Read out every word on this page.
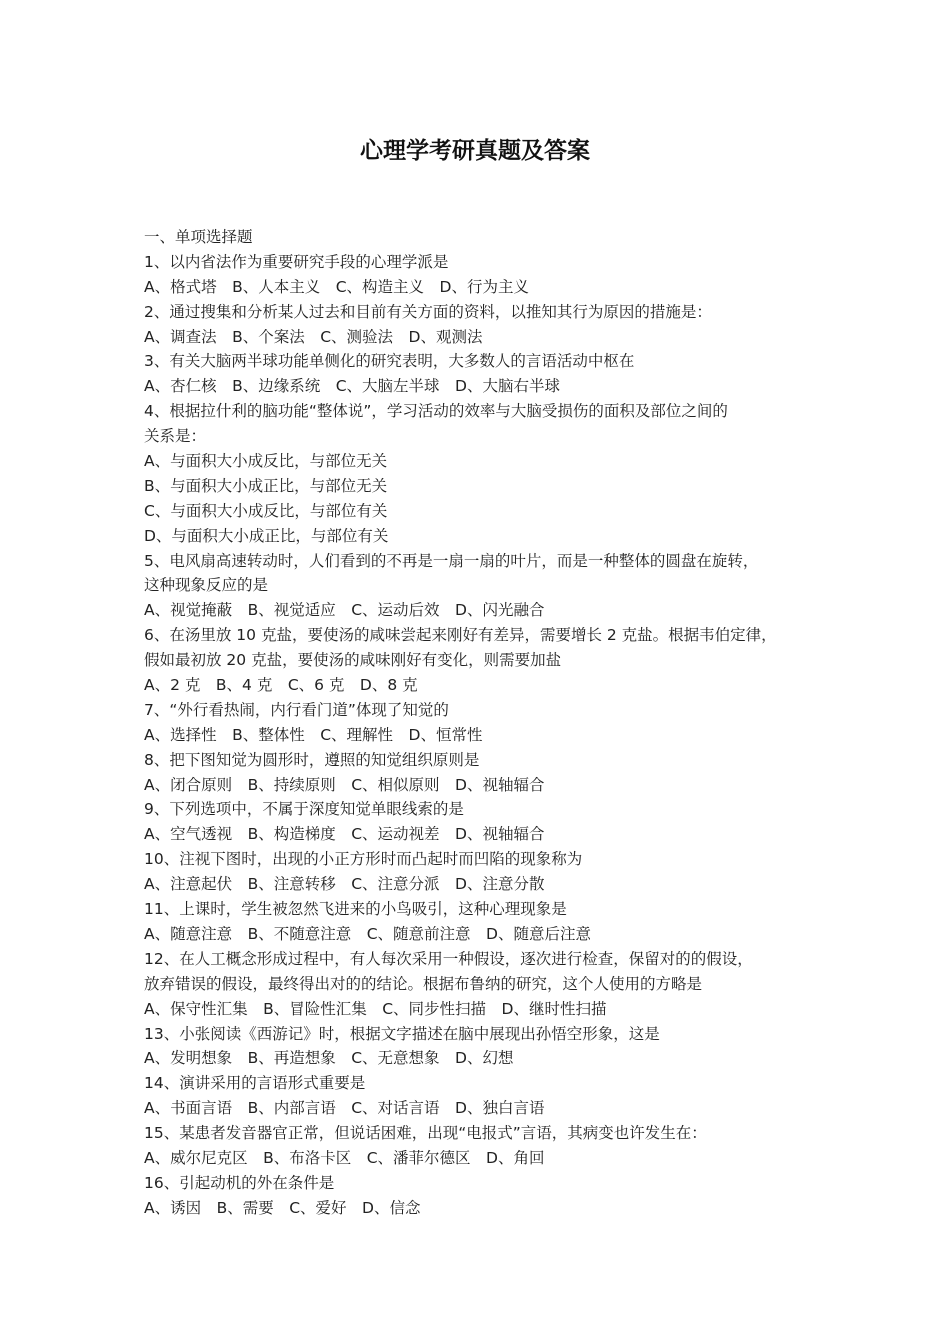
心理学考研真题及答案

一、单项选择题

1、以内省法作为重要研究手段的心理学派是

A、格式塔　B、人本主义　C、构造主义　D、行为主义

2、通过搜集和分析某人过去和目前有关方面的资料，以推知其行为原因的措施是：

A、调查法　B、个案法　C、测验法　D、观测法

3、有关大脑两半球功能单侧化的研究表明，大多数人的言语活动中枢在

A、杏仁核　B、边缘系统　C、大脑左半球　D、大脑右半球

4、根据拉什利的脑功能“整体说”，学习活动的效率与大脑受损伤的面积及部位之间的

关系是：

A、与面积大小成反比，与部位无关

B、与面积大小成正比，与部位无关

C、与面积大小成反比，与部位有关

D、与面积大小成正比，与部位有关

5、电风扇高速转动时，人们看到的不再是一扇一扇的叶片，而是一种整体的圆盘在旋转，

这种现象反应的是

A、视觉掩蔽　B、视觉适应　C、运动后效　D、闪光融合

6、在汤里放 10 克盐，要使汤的咸味尝起来刚好有差异，需要增长 2 克盐。根据韦伯定律，

假如最初放 20 克盐，要使汤的咸味刚好有变化，则需要加盐

A、2 克　B、4 克　C、6 克　D、8 克

7、“外行看热闹，内行看门道”体现了知觉的

A、选择性　B、整体性　C、理解性　D、恒常性

8、把下图知觉为圆形时，遵照的知觉组织原则是

A、闭合原则　B、持续原则　C、相似原则　D、视轴辐合

9、下列选项中，不属于深度知觉单眼线索的是

A、空气透视　B、构造梯度　C、运动视差　D、视轴辐合

10、注视下图时，出现的小正方形时而凸起时而凹陷的现象称为

A、注意起伏　B、注意转移　C、注意分派　D、注意分散

11、上课时，学生被忽然飞进来的小鸟吸引，这种心理现象是

A、随意注意　B、不随意注意　C、随意前注意　D、随意后注意

12、在人工概念形成过程中，有人每次采用一种假设，逐次进行检查，保留对的的假设，

放弃错误的假设，最终得出对的的结论。根据布鲁纳的研究，这个人使用的方略是

A、保守性汇集　B、冒险性汇集　C、同步性扫描　D、继时性扫描

13、小张阅读《西游记》时，根据文字描述在脑中展现出孙悟空形象，这是

A、发明想象　B、再造想象　C、无意想象　D、幻想

14、演讲采用的言语形式重要是

A、书面言语　B、内部言语　C、对话言语　D、独白言语

15、某患者发音器官正常，但说话困难，出现“电报式”言语，其病变也许发生在：

A、威尔尼克区　B、布洛卡区　C、潘菲尔德区　D、角回

16、引起动机的外在条件是

A、诱因　B、需要　C、爱好　D、信念
